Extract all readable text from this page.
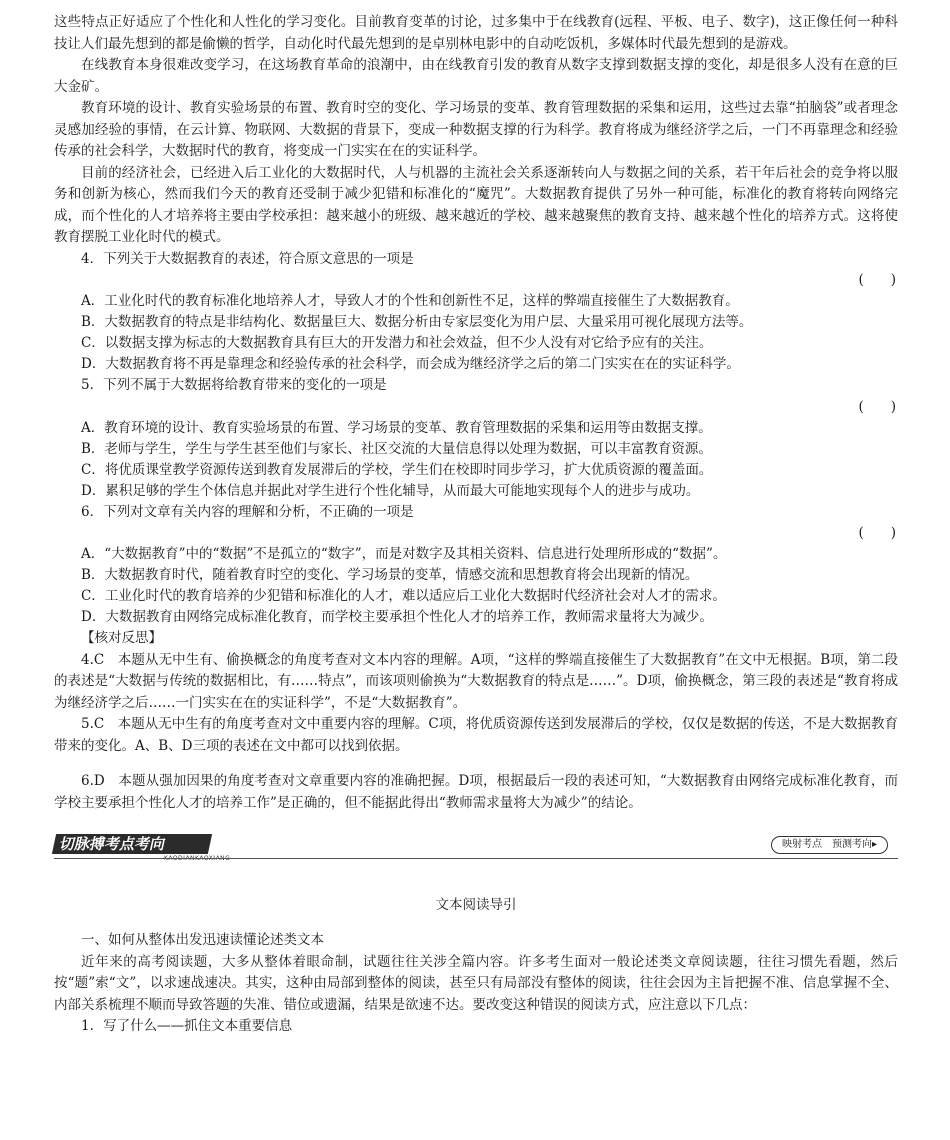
这些特点正好适应了个性化和人性化的学习变化。目前教育变革的讨论，过多集中于在线教育(远程、平板、电子、数字)，这正像任何一种科技让人们最先想到的都是偷懒的哲学，自动化时代最先想到的是卓别林电影中的自动吃饭机，多媒体时代最先想到的是游戏。

在线教育本身很难改变学习，在这场教育革命的浪潮中，由在线教育引发的教育从数字支撑到数据支撑的变化，却是很多人没有在意的巨大金矿。

教育环境的设计、教育实验场景的布置、教育时空的变化、学习场景的变革、教育管理数据的采集和运用，这些过去靠“拍脑袋”或者理念灵感加经验的事情，在云计算、物联网、大数据的背景下，变成一种数据支撑的行为科学。教育将成为继经济学之后，一门不再靠理念和经验传承的社会科学，大数据时代的教育，将变成一门实实在在的实证科学。

目前的经济社会，已经进入后工业化的大数据时代，人与机器的主流社会关系逐渐转向人与数据之间的关系，若干年后社会的竞争将以服务和创新为核心，然而我们今天的教育还受制于减少犯错和标准化的“魔咒”。大数据教育提供了另外一种可能，标准化的教育将转向网络完成，而个性化的人才培养将主要由学校承担：越来越小的班级、越来越近的学校、越来越聚焦的教育支持、越来越个性化的培养方式。这将使教育摆脱工业化时代的模式。

4．下列关于大数据教育的表述，符合原文意思的一项是

(　　)

A．工业化时代的教育标准化地培养人才，导致人才的个性和创新性不足，这样的弊端直接催生了大数据教育。

B．大数据教育的特点是非结构化、数据量巨大、数据分析由专家层变化为用户层、大量采用可视化展现方法等。

C．以数据支撑为标志的大数据教育具有巨大的开发潜力和社会效益，但不少人没有对它给予应有的关注。

D．大数据教育将不再是靠理念和经验传承的社会科学，而会成为继经济学之后的第二门实实在在的实证科学。

5．下列不属于大数据将给教育带来的变化的一项是

(　　)

A．教育环境的设计、教育实验场景的布置、学习场景的变革、教育管理数据的采集和运用等由数据支撑。

B．老师与学生，学生与学生甚至他们与家长、社区交流的大量信息得以处理为数据，可以丰富教育资源。

C．将优质课堂教学资源传送到教育发展滞后的学校，学生们在校即时同步学习，扩大优质资源的覆盖面。

D．累积足够的学生个体信息并据此对学生进行个性化辅导，从而最大可能地实现每个人的进步与成功。

6．下列对文章有关内容的理解和分析，不正确的一项是

(　　)

A．“大数据教育”中的“数据”不是孤立的“数字”，而是对数字及其相关资料、信息进行处理所形成的“数据”。

B．大数据教育时代，随着教育时空的变化、学习场景的变革，情感交流和思想教育将会出现新的情况。

C．工业化时代的教育培养的少犯错和标准化的人才，难以适应后工业化大数据时代经济社会对人才的需求。

D．大数据教育由网络完成标准化教育，而学校主要承担个性化人才的培养工作，教师需求量将大为减少。

【核对反思】

4.C　本题从无中生有、偷换概念的角度考查对文本内容的理解。A项，“这样的弊端直接催生了大数据教育”在文中无根据。B项，第二段的表述是“大数据与传统的数据相比，有……特点”，而该项则偷换为“大数据教育的特点是……”。D项，偷换概念，第三段的表述是“教育将成为继经济学之后……一门实实在在的实证科学”，不是“大数据教育”。

5.C　本题从无中生有的角度考查对文中重要内容的理解。C项，将优质资源传送到发展滞后的学校，仅仅是数据的传送，不是大数据教育带来的变化。A、B、D三项的表述在文中都可以找到依据。

6.D　本题从强加因果的角度考查对文章重要内容的准确把握。D项，根据最后一段的表述可知，“大数据教育由网络完成标准化教育，而学校主要承担个性化人才的培养工作”是正确的，但不能据此得出“教师需求量将大为减少”的结论。

切脉搏考点考向
KAODIANKAOXIANG
映射考点　预测考向▸

文本阅读导引

一、如何从整体出发迅速读懂论述类文本

近年来的高考阅读题，大多从整体着眼命制，试题往往关涉全篇内容。许多考生面对一般论述类文章阅读题，往往习惯先看题，然后按“题”索“文”，以求速战速决。其实，这种由局部到整体的阅读，甚至只有局部没有整体的阅读，往往会因为主旨把握不准、信息掌握不全、内部关系梳理不顺而导致答题的失准、错位或遗漏，结果是欲速不达。要改变这种错误的阅读方式，应注意以下几点：

1．写了什么——抓住文本重要信息
